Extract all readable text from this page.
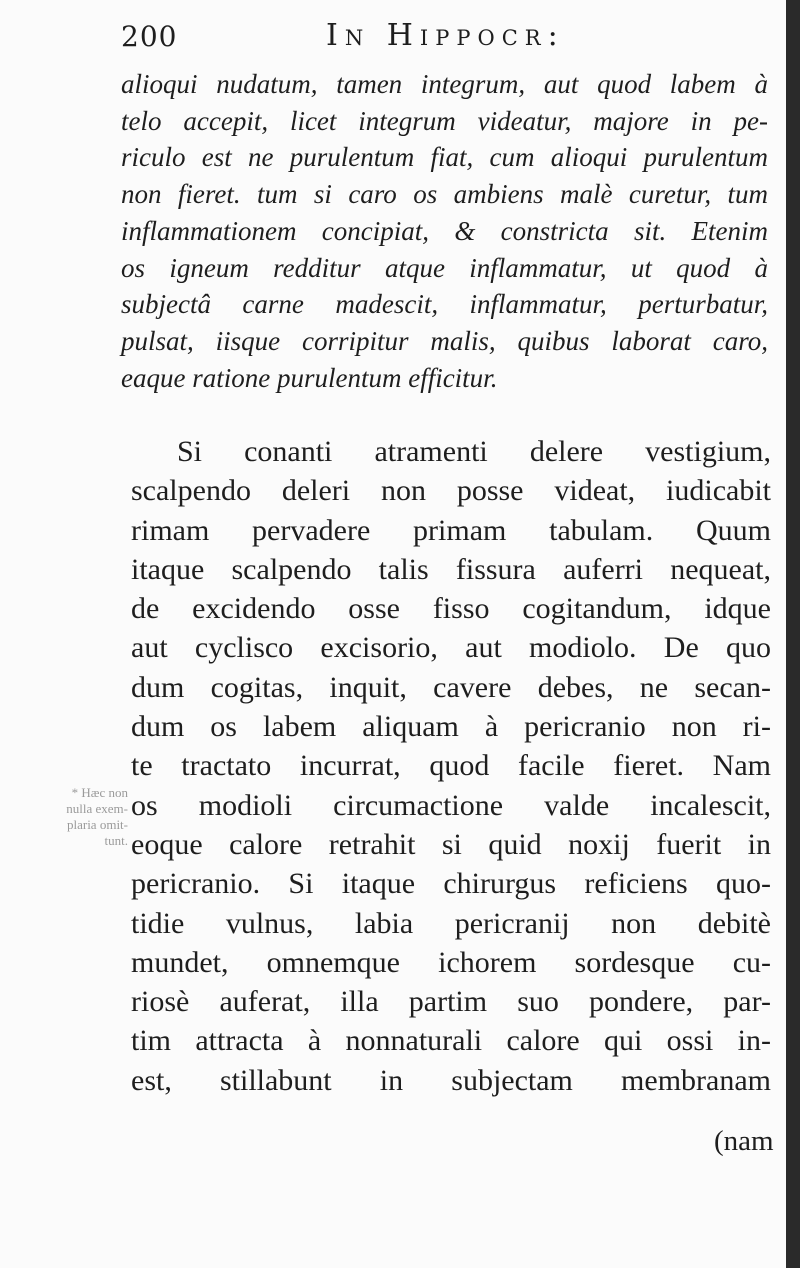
200	In Hippocr:
alioqui nudatum, tamen integrum, aut quod labem à
telo accepit, licet integrum videatur, majore in pe-
riculo est ne purulentum fiat, cum alioqui purulentum
non fieret. tum si caro os ambiens malè curetur, tum
inflammationem concipiat, & constricta sit. Etenim
os igneum redditur atque inflammatur, ut quod à
subjectâ carne madescit, inflammatur, perturbatur,
pulsat, iisque corripitur malis, quibus laborat caro,
eaque ratione purulentum efficitur.
Si conanti atramenti delere vestigium,
scalpendo deleri non posse videat, iudicabit
rimam pervadere primam tabulam. Quum
itaque scalpendo talis fissura auferri nequeat,
de excidendo osse fisso cogitandum, idque
aut cyclisco excisorio, aut modiolo. De quo
dum cogitas, inquit, cavere debes, ne secan-
dum os labem aliquam à pericranio non ri-
te tractato incurrat, quod facile fieret. Nam
os modioli circumactione valde incalescit,
eoque calore retrahit si quid noxij fuerit in
pericranio. Si itaque chirurgus reficiens quo-
tidie vulnus, labia pericranij non debitè
mundet, omnemque ichorem sordesque cu-
riosè auferat, illa partim suo pondere, par-
tim attracta à nonnaturali calore qui ossi in-
est, stillabunt in subjectam membranam
(nam
* Hæc non
nulla exem-
plaria omit-
tunt.
